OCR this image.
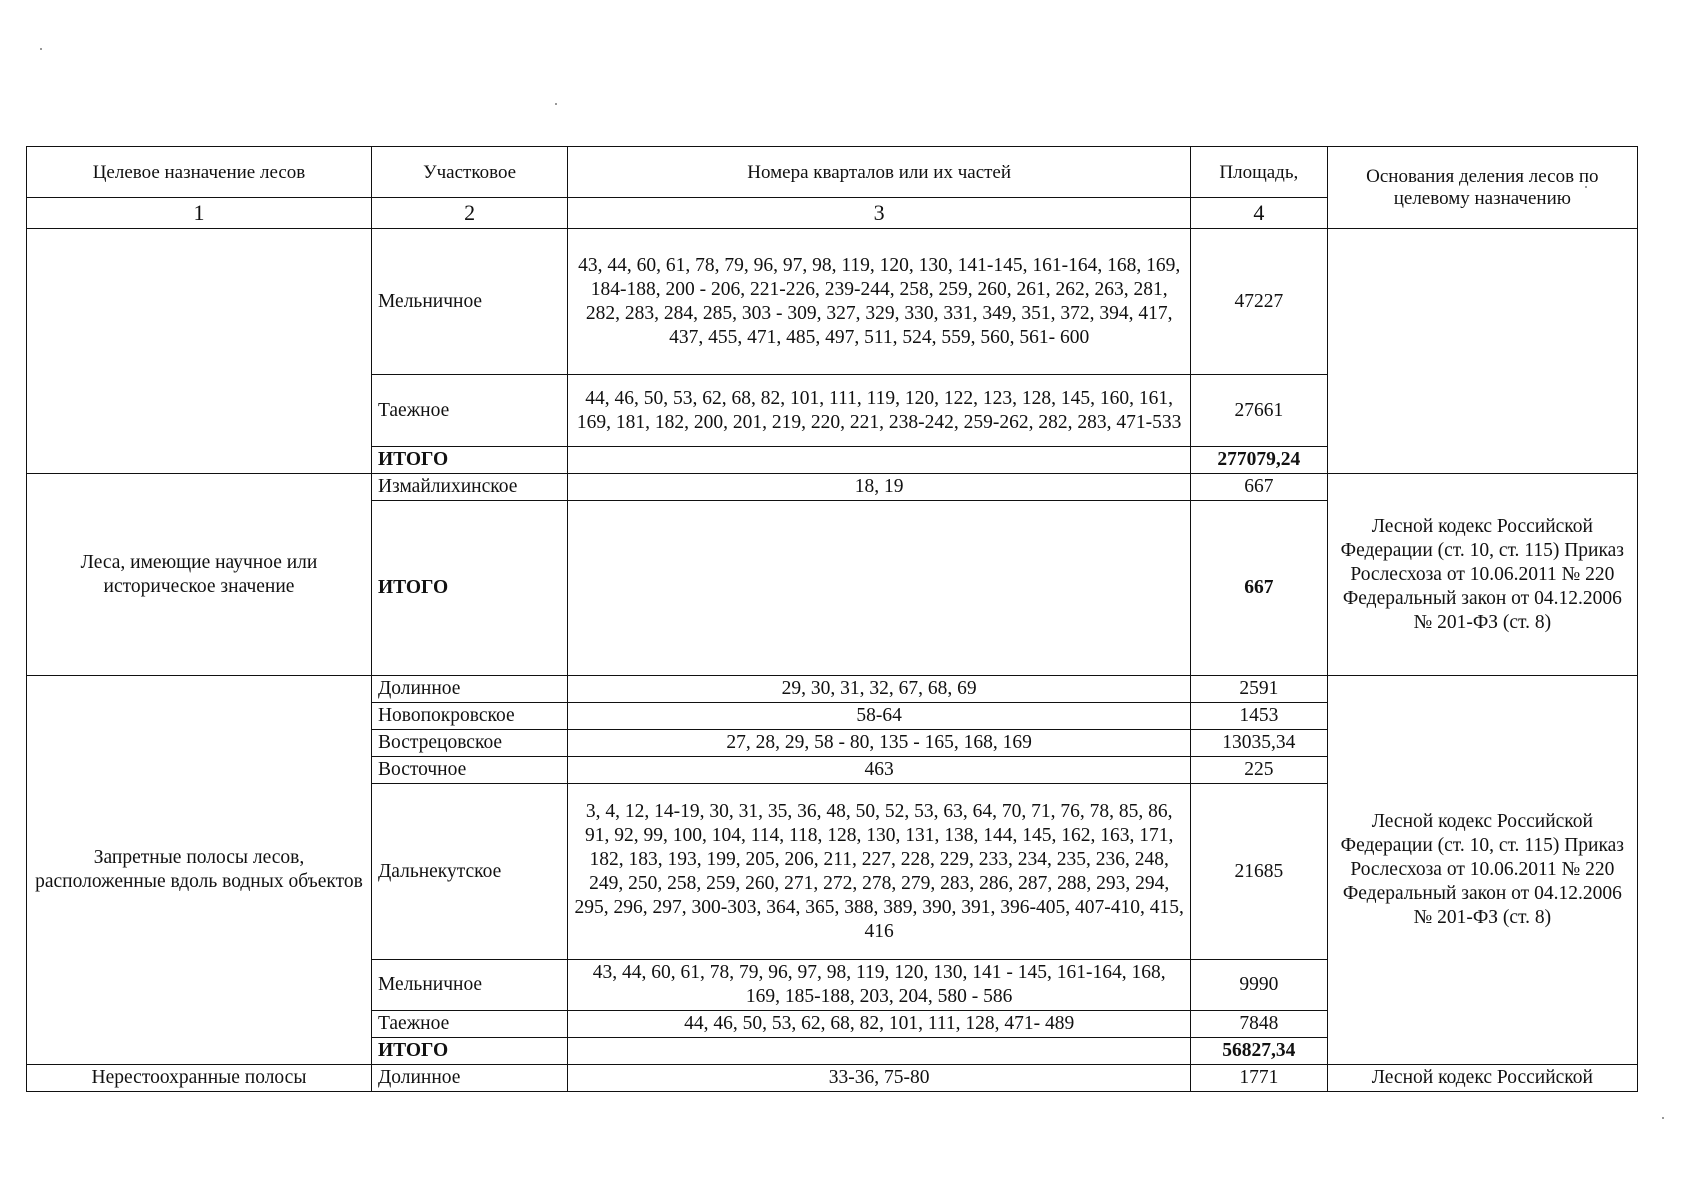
Целевое назначение лесов	Участковое	Номера кварталов или их частей	Площадь,	Основания деления лесов по целевому назначению
1	2	3	4	
	Мельничное	43, 44, 60, 61, 78, 79, 96, 97, 98, 119, 120, 130, 141-145, 161-164, 168, 169, 184-188, 200 - 206, 221-226, 239-244, 258, 259, 260, 261, 262, 263, 281, 282, 283, 284, 285, 303 - 309, 327, 329, 330, 331, 349, 351, 372, 394, 417, 437, 455, 471, 485, 497, 511, 524, 559, 560, 561- 600	47227	
	Таежное	44, 46, 50, 53, 62, 68, 82, 101, 111, 119, 120, 122, 123, 128, 145, 160, 161, 169, 181, 182, 200, 201, 219, 220, 221, 238-242, 259-262, 282, 283, 471-533	27661	
	ИТОГО		277079,24	
Леса, имеющие научное или историческое значение	Измайлихинское	18, 19	667	Лесной кодекс Российской Федерации (ст. 10, ст. 115) Приказ Рослесхоза от 10.06.2011 № 220 Федеральный закон от 04.12.2006 № 201-ФЗ (ст. 8)
	ИТОГО		667	
Запретные полосы лесов, расположенные вдоль водных объектов	Долинное	29, 30, 31, 32, 67, 68, 69	2591	Лесной кодекс Российской Федерации (ст. 10, ст. 115) Приказ Рослесхоза от 10.06.2011 № 220 Федеральный закон от 04.12.2006 № 201-ФЗ (ст. 8)
	Новопокровское	58-64	1453	
	Вострецовское	27, 28, 29, 58 - 80, 135 - 165, 168, 169	13035,34	
	Восточное	463	225	
	Дальнекутское	3, 4, 12, 14-19, 30, 31, 35, 36, 48, 50, 52, 53, 63, 64, 70, 71, 76, 78, 85, 86, 91, 92, 99, 100, 104, 114, 118, 128, 130, 131, 138, 144, 145, 162, 163, 171, 182, 183, 193, 199, 205, 206, 211, 227, 228, 229, 233, 234, 235, 236, 248, 249, 250, 258, 259, 260, 271, 272, 278, 279, 283, 286, 287, 288, 293, 294, 295, 296, 297, 300-303, 364, 365, 388, 389, 390, 391, 396-405, 407-410, 415, 416	21685	
	Мельничное	43, 44, 60, 61, 78, 79, 96, 97, 98, 119, 120, 130, 141 - 145, 161-164, 168, 169, 185-188, 203, 204, 580 - 586	9990	
	Таежное	44, 46, 50, 53, 62, 68, 82, 101, 111, 128, 471- 489	7848	
	ИТОГО		56827,34	
Нерестоохранные полосы	Долинное	33-36, 75-80	1771	Лесной кодекс Российской
